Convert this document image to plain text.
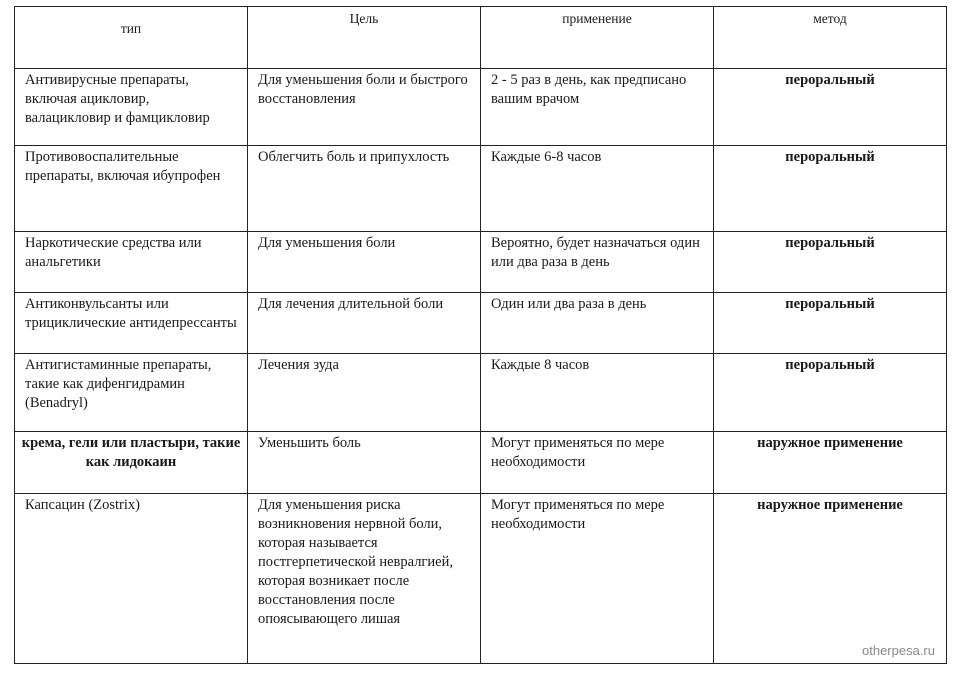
тип	Цель	применение	метод

Антивирусные препараты, включая ацикловир, валацикловир и фамцикловир	Для уменьшения боли и быстрого восстановления	2 - 5 раз в день, как предписано вашим врачом	пероральный

Противовоспалительные препараты, включая ибупрофен	Облегчить боль и припухлость	Каждые 6-8 часов	пероральный

Наркотические средства или анальгетики	Для уменьшения боли	Вероятно, будет назначаться один или два раза в день	пероральный

Антиконвульсанты или трициклические антидепрессанты	Для лечения длительной боли	Один или два раза в день	пероральный

Антигистаминные препараты, такие как дифенгидрамин (Benadryl)	Лечения зуда	Каждые 8 часов	пероральный

крема, гели или пластыри, такие как лидокаин	Уменьшить боль	Могут применяться по мере необходимости	наружное применение

Капсацин (Zostrix)	Для уменьшения риска возникновения нервной боли, которая называется постгерпетической невралгией, которая возникает после восстановления после опоясывающего лишая	Могут применяться по мере необходимости	наружное применение
otherpesa.ru
